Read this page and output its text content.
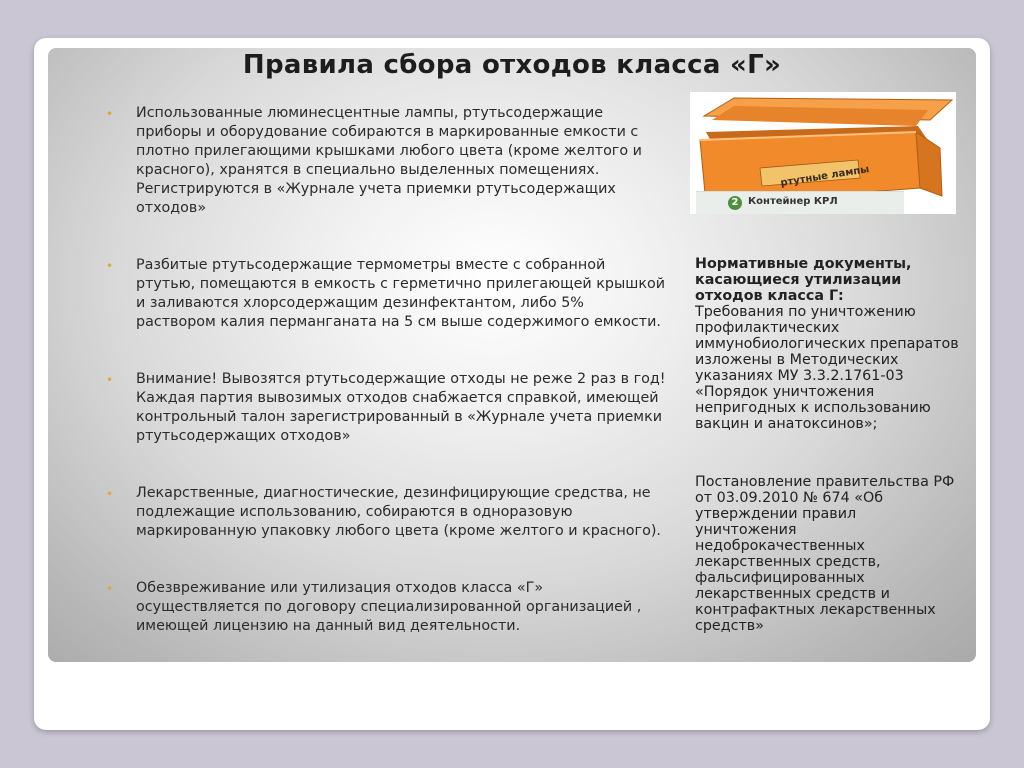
Правила сбора отходов класса «Г»
• Использованные люминесцентные лампы, ртутьсодержащие приборы и оборудование собираются в маркированные емкости с плотно прилегающими крышками любого цвета (кроме желтого и красного), хранятся в специально выделенных помещениях. Регистрируются в «Журнале учета приемки ртутьсодержащих отходов»
• Разбитые ртутьсодержащие термометры вместе с собранной ртутью, помещаются в емкость с герметично прилегающей крышкой и заливаются хлорсодержащим дезинфектантом, либо 5% раствором калия перманганата на 5 см выше содержимого емкости.
• Внимание! Вывозятся ртутьсодержащие отходы не реже 2 раз в год! Каждая партия вывозимых отходов снабжается справкой, имеющей контрольный талон зарегистрированный в «Журнале учета приемки ртутьсодержащих отходов»
• Лекарственные, диагностические, дезинфицирующие средства, не подлежащие использованию, собираются в одноразовую маркированную упаковку любого цвета (кроме желтого и красного).
• Обезвреживание или утилизация отходов класса «Г» осуществляется по договору специализированной организацией , имеющей лицензию на данный вид деятельности.
ртутные лампы
2 Контейнер КРЛ
Нормативные документы, касающиеся утилизации отходов класса Г:
Требования по уничтожению профилактических иммунобиологических препаратов изложены в Методических указаниях МУ 3.3.2.1761-03 «Порядок уничтожения непригодных к использованию вакцин и анатоксинов»;
Постановление правительства РФ от 03.09.2010 № 674 «Об утверждении правил уничтожения недоброкачественных лекарственных средств, фальсифицированных лекарственных средств и контрафактных лекарственных средств»
